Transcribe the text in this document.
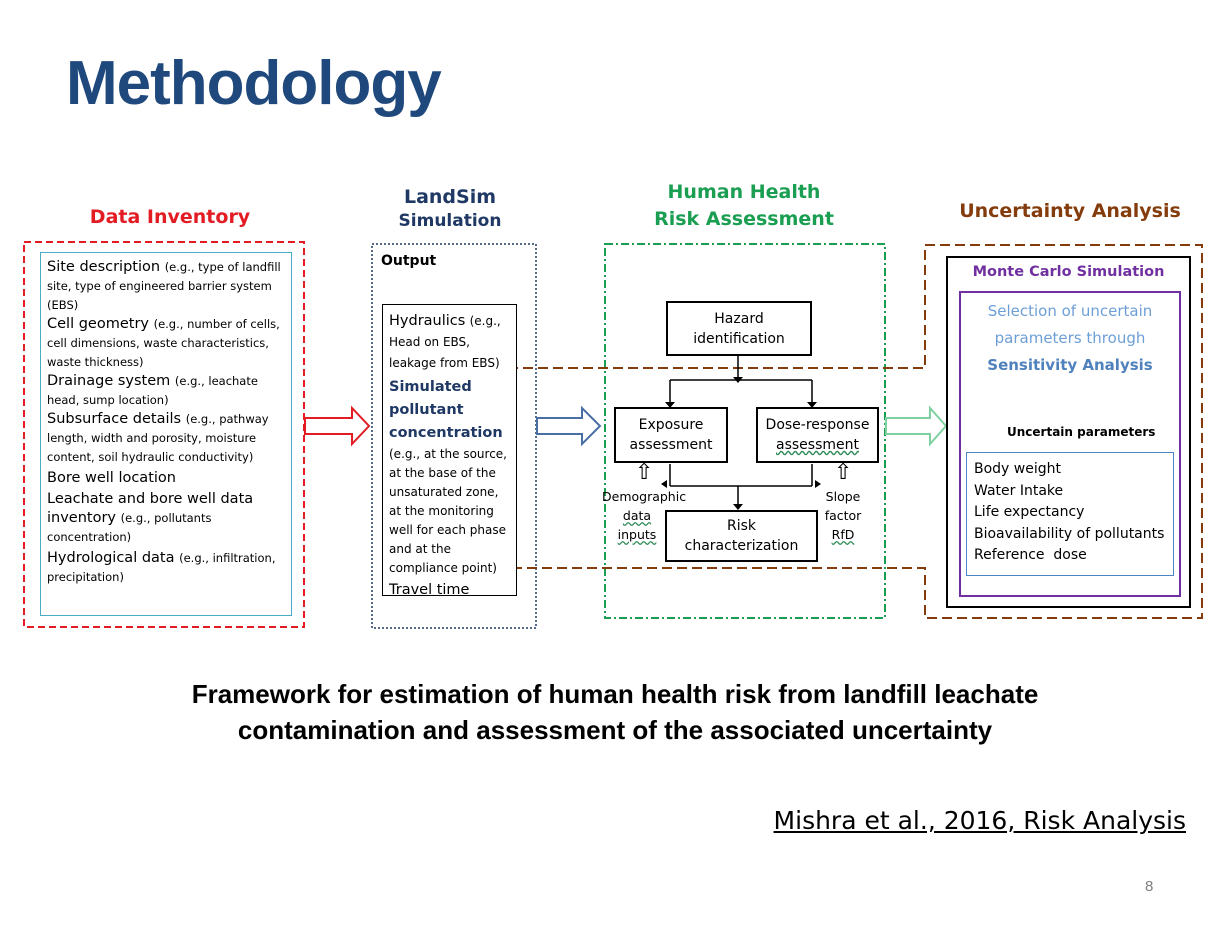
Methodology
Data Inventory
LandSim
Simulation
Human Health
Risk Assessment	Uncertainty Analysis

Site description (e.g., type of landfill site, type of engineered barrier system (EBS)

Cell geometry (e.g., number of cells, cell dimensions, waste characteristics, waste thickness)

Drainage system (e.g., leachate head, sump location)

Subsurface details (e.g., pathway length, width and porosity, moisture content, soil hydraulic conductivity)

Bore well location

Leachate and bore well data inventory (e.g., pollutants concentration)

Hydrological data (e.g., infiltration, precipitation)

Output

Hydraulics (e.g., Head on EBS, leakage from EBS)

Simulated
pollutant
concentration

(e.g., at the source, at the base of the unsaturated zone, at the monitoring well for each phase and at the compliance point)

Travel time

Hazard
identification
Exposure
assessment
Dose-response
assessment
Risk
characterization
⇧	⇧
Demographic
data
inputs
Slope
factor
RfD
Monte Carlo Simulation
Selection of uncertain
parameters through
Sensitivity Analysis
Uncertain parameters
Body weight
Water Intake
Life expectancy
Bioavailability of pollutants
Reference  dose
Framework for estimation of human health risk from landfill leachate
contamination and assessment of the associated uncertainty
Mishra et al., 2016, Risk Analysis
8
